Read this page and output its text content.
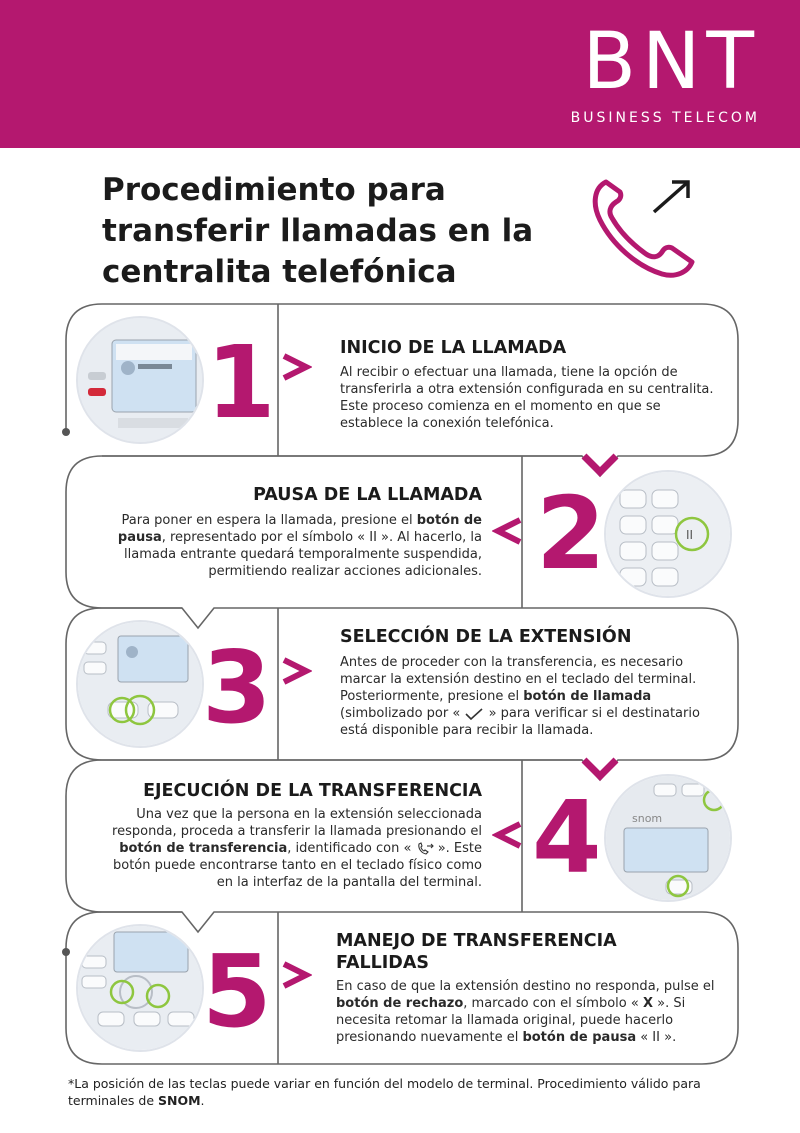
BNT
BUSINESS TELECOM
Procedimiento para
transferir llamadas en la
centralita telefónica
1	INICIO DE LA LLAMADA
Al recibir o efectuar una llamada, tiene la opción de transferirla a otra extensión configurada en su centralita. Este proceso comienza en el momento en que se establece la conexión telefónica.
PAUSA DE LA LLAMADA
Para poner en espera la llamada, presione el botón de pausa, representado por el símbolo « II ». Al hacerlo, la llamada entrante quedará temporalmente suspendida, permitiendo realizar acciones adicionales. 2	II
3	SELECCIÓN DE LA EXTENSIÓN
Antes de proceder con la transferencia, es necesario marcar la extensión destino en el teclado del terminal. Posteriormente, presione el botón de llamada (simbolizado por «  » para verificar si el destinatario está disponible para recibir la llamada.
EJECUCIÓN DE LA TRANSFERENCIA
Una vez que la persona en la extensión seleccionada responda, proceda a transferir la llamada presionando el botón de transferencia, identificado con «  ». Este botón puede encontrarse tanto en el teclado físico como en la interfaz de la pantalla del terminal. 4	snom
5	MANEJO DE TRANSFERENCIA
FALLIDAS
En caso de que la extensión destino no responda, pulse el botón de rechazo, marcado con el símbolo « X ». Si necesita retomar la llamada original, puede hacerlo presionando nuevamente el botón de pausa « II ».
*La posición de las teclas puede variar en función del modelo de terminal. Procedimiento válido para terminales de SNOM.
